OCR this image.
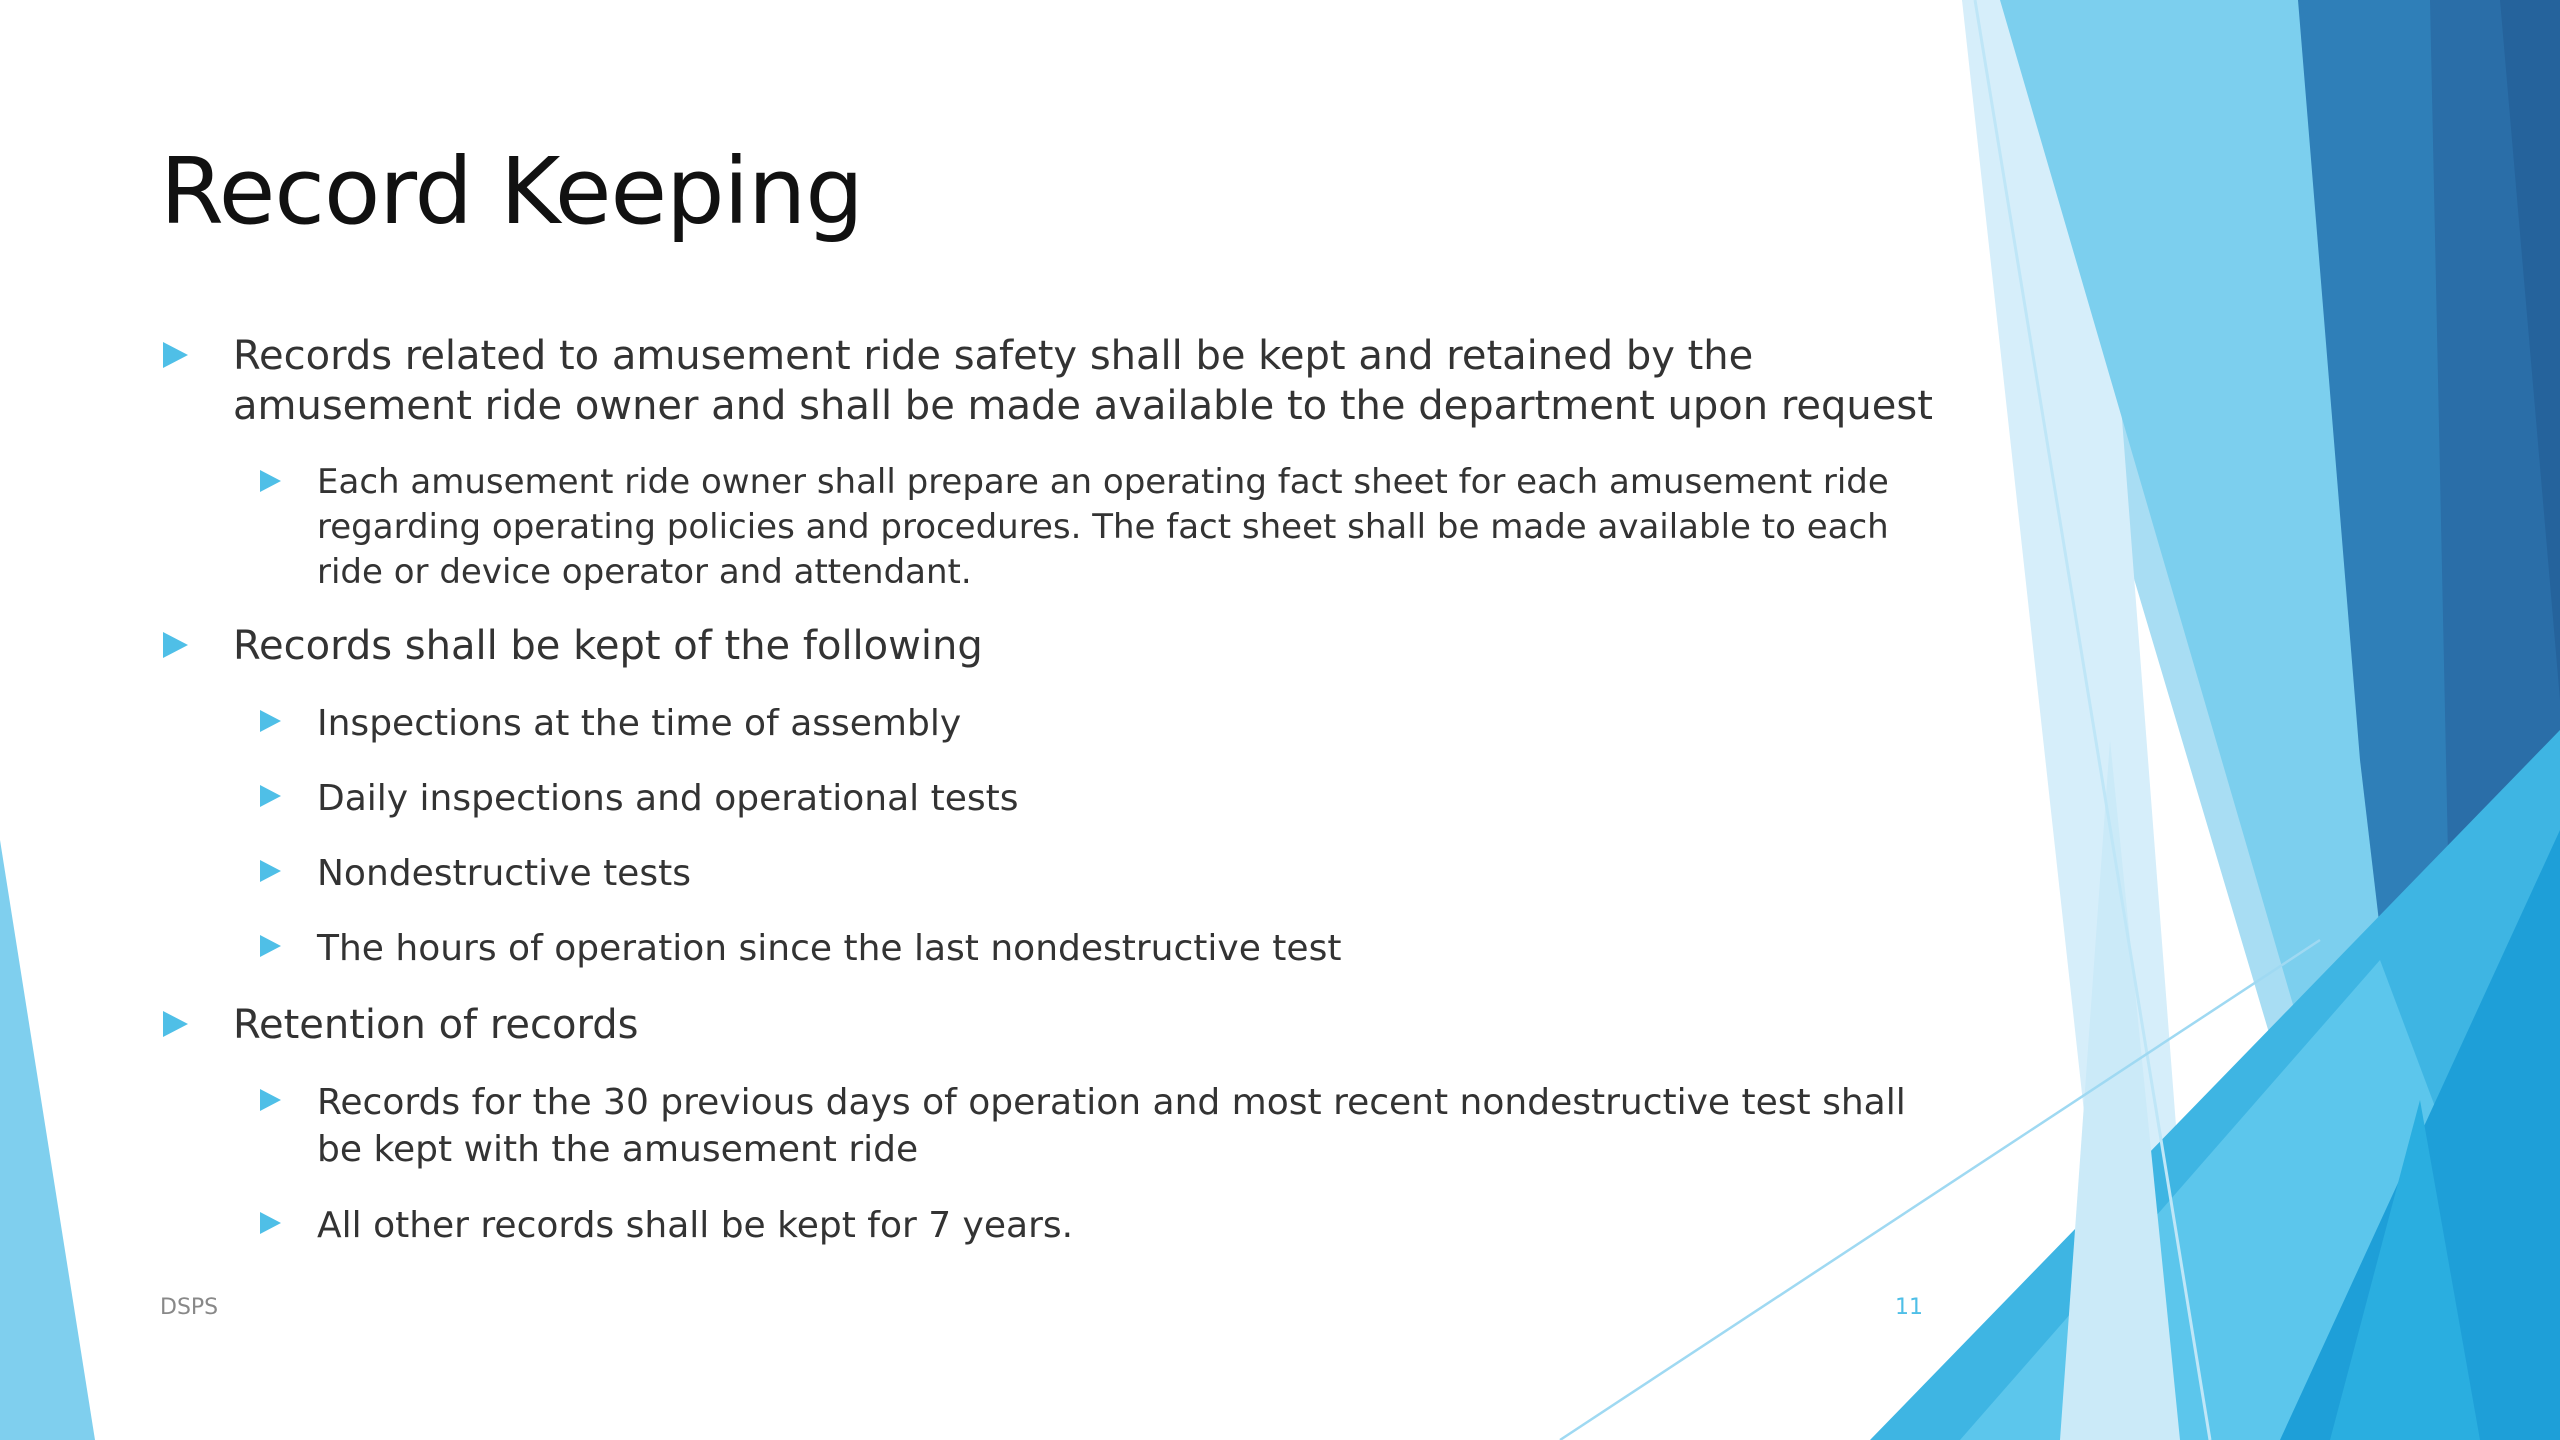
Record Keeping
Records related to amusement ride safety shall be kept and retained by the amusement ride owner and shall be made available to the department upon request
Each amusement ride owner shall prepare an operating fact sheet for each amusement ride regarding operating policies and procedures. The fact sheet shall be made available to each ride or device operator and attendant.
Records shall be kept of the following
Inspections at the time of assembly
Daily inspections and operational tests
Nondestructive tests
The hours of operation since the last nondestructive test
Retention of records
Records for the 30 previous days of operation and most recent nondestructive test shall be kept with the amusement ride
All other records shall be kept for 7 years.
DSPS	11
